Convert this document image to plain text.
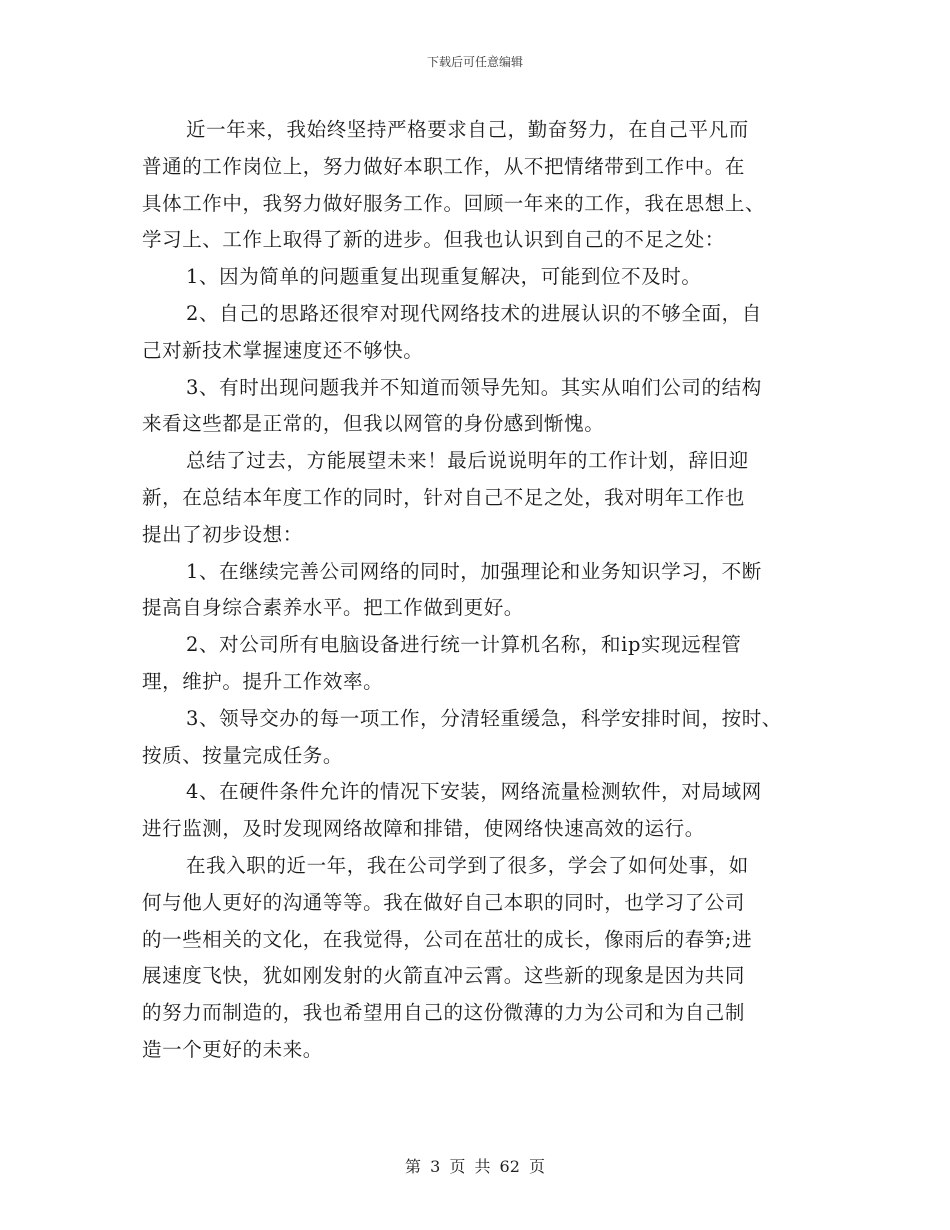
下载后可任意编辑
近一年来，我始终坚持严格要求自己，勤奋努力，在自己平凡而
普通的工作岗位上，努力做好本职工作，从不把情绪带到工作中。在
具体工作中，我努力做好服务工作。回顾一年来的工作，我在思想上、
学习上、工作上取得了新的进步。但我也认识到自己的不足之处：
1、因为简单的问题重复出现重复解决，可能到位不及时。
2、自己的思路还很窄对现代网络技术的进展认识的不够全面，自
己对新技术掌握速度还不够快。
3、有时出现问题我并不知道而领导先知。其实从咱们公司的结构
来看这些都是正常的，但我以网管的身份感到惭愧。
总结了过去，方能展望未来！最后说说明年的工作计划，辞旧迎
新，在总结本年度工作的同时，针对自己不足之处，我对明年工作也
提出了初步设想：
1、在继续完善公司网络的同时，加强理论和业务知识学习，不断
提高自身综合素养水平。把工作做到更好。
2、对公司所有电脑设备进行统一计算机名称，和ip实现远程管
理，维护。提升工作效率。
3、领导交办的每一项工作，分清轻重缓急，科学安排时间，按时、
按质、按量完成任务。
4、在硬件条件允许的情况下安装，网络流量检测软件，对局域网
进行监测，及时发现网络故障和排错，使网络快速高效的运行。
在我入职的近一年，我在公司学到了很多，学会了如何处事，如
何与他人更好的沟通等等。我在做好自己本职的同时，也学习了公司
的一些相关的文化，在我觉得，公司在茁壮的成长，像雨后的春笋;进
展速度飞快，犹如刚发射的火箭直冲云霄。这些新的现象是因为共同
的努力而制造的，我也希望用自己的这份微薄的力为公司和为自己制
造一个更好的未来。
第 3 页 共 62 页
